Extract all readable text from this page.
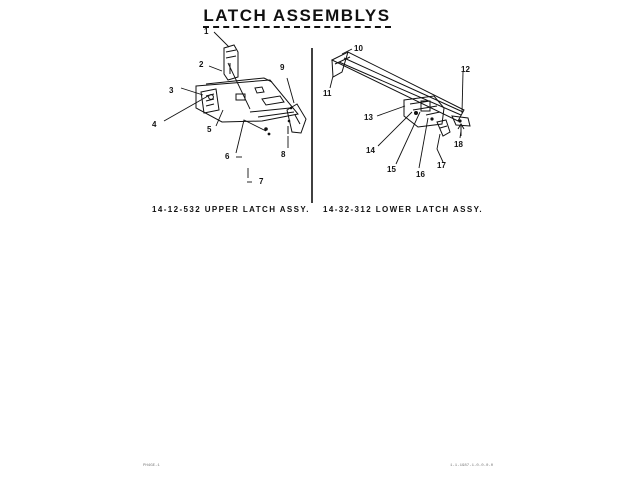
LATCH ASSEMBLYS
1
2
3
4
5
6
7
8
9
10
11
12
13
14
15
16
17
18
14-12-532 UPPER LATCH ASSY. 14-32-312 LOWER LATCH ASSY.
PH4GE-1	1-1-1987-1-0-0-0-0
